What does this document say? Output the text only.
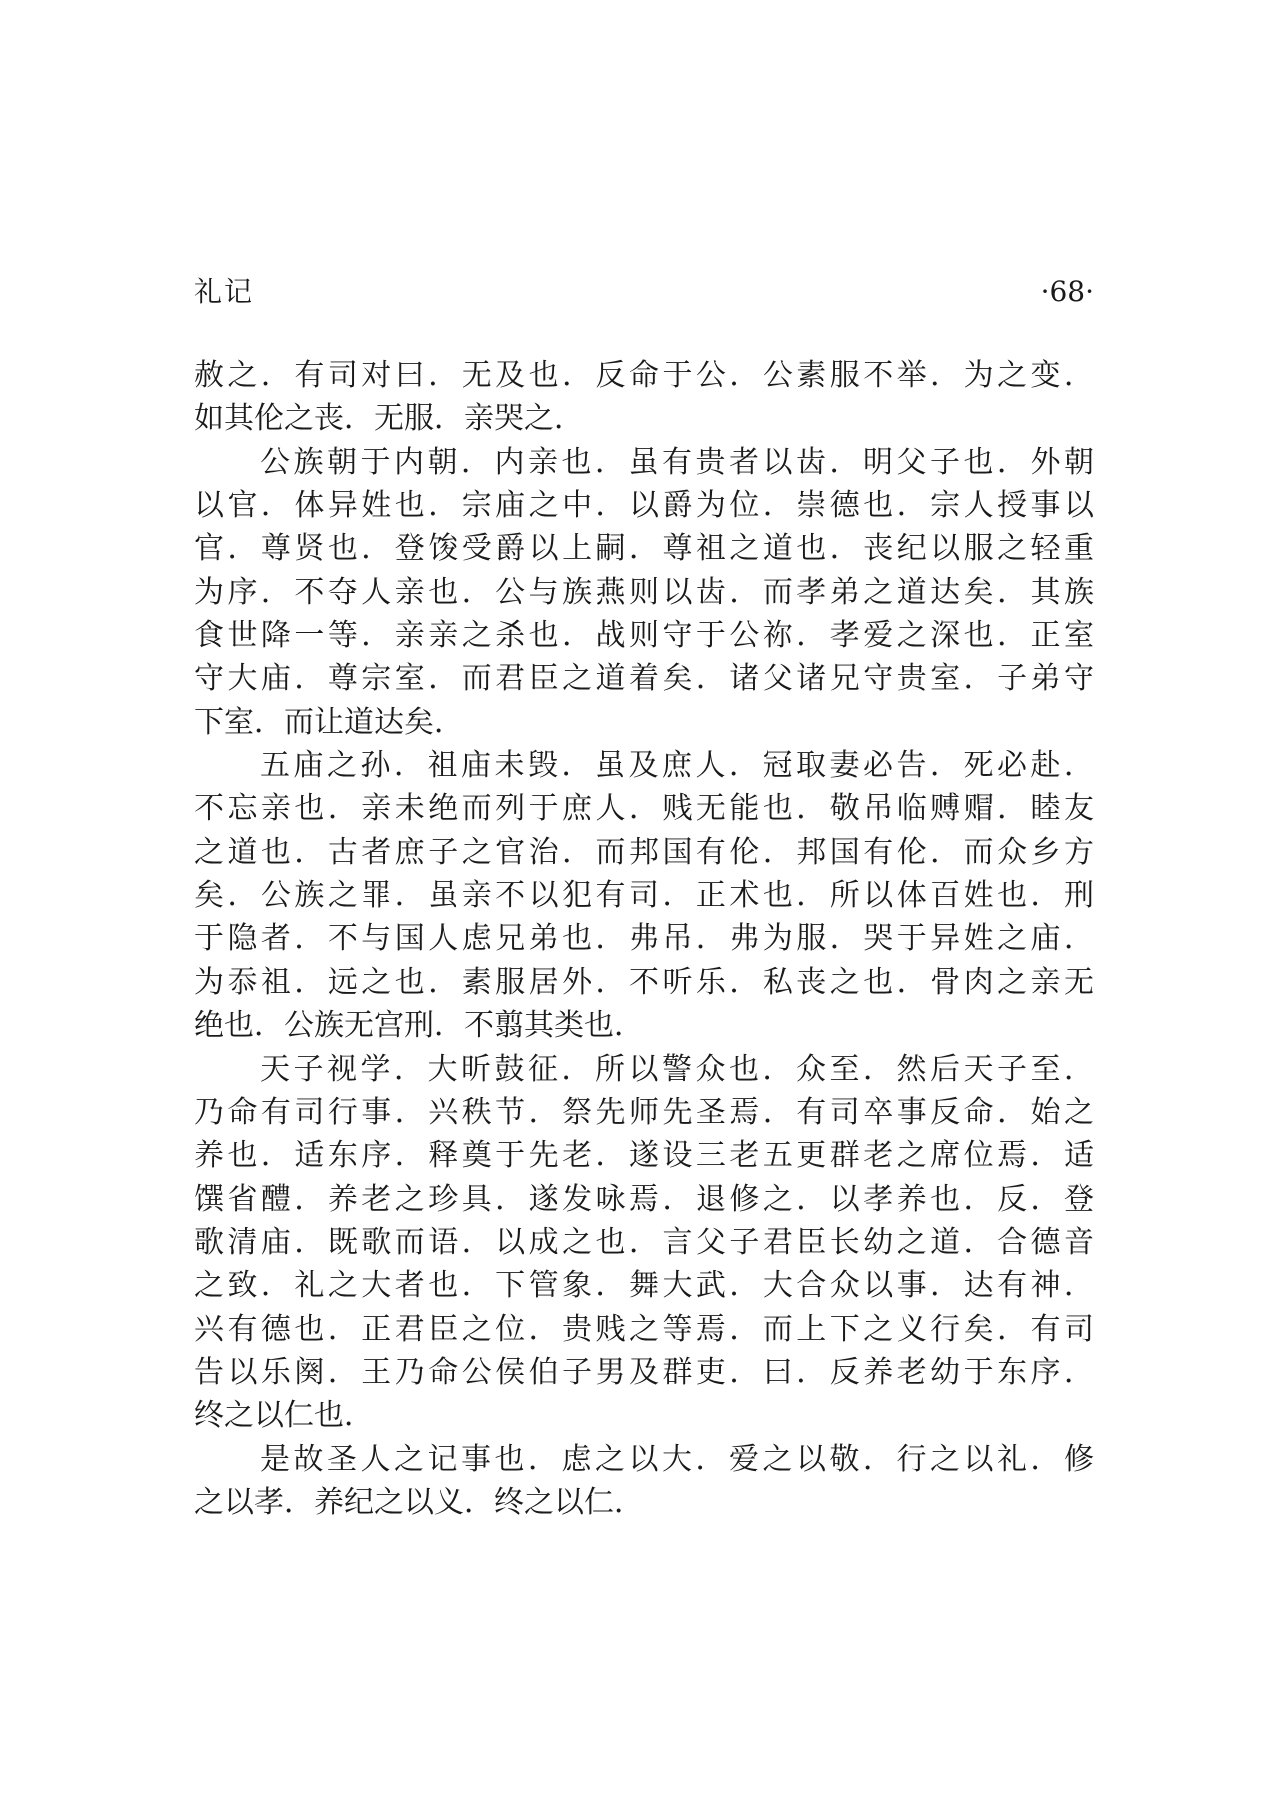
礼记	·68·
赦之．有司对曰．无及也．反命于公．公素服不举．为之变．
如其伦之丧．无服．亲哭之．
公族朝于内朝．内亲也．虽有贵者以齿．明父子也．外朝
以官．体异姓也．宗庙之中．以爵为位．崇德也．宗人授事以
官．尊贤也．登馂受爵以上嗣．尊祖之道也．丧纪以服之轻重
为序．不夺人亲也．公与族燕则以齿．而孝弟之道达矣．其族
食世降一等．亲亲之杀也．战则守于公祢．孝爱之深也．正室
守大庙．尊宗室．而君臣之道着矣．诸父诸兄守贵室．子弟守
下室．而让道达矣．
五庙之孙．祖庙未毁．虽及庶人．冠取妻必告．死必赴．
不忘亲也．亲未绝而列于庶人．贱无能也．敬吊临赙赗．睦友
之道也．古者庶子之官治．而邦国有伦．邦国有伦．而众乡方
矣．公族之罪．虽亲不以犯有司．正术也．所以体百姓也．刑
于隐者．不与国人虑兄弟也．弗吊．弗为服．哭于异姓之庙．
为忝祖．远之也．素服居外．不听乐．私丧之也．骨肉之亲无
绝也．公族无宫刑．不翦其类也．
天子视学．大昕鼓征．所以警众也．众至．然后天子至．
乃命有司行事．兴秩节．祭先师先圣焉．有司卒事反命．始之
养也．适东序．释奠于先老．遂设三老五更群老之席位焉．适
馔省醴．养老之珍具．遂发咏焉．退修之．以孝养也．反．登
歌清庙．既歌而语．以成之也．言父子君臣长幼之道．合德音
之致．礼之大者也．下管象．舞大武．大合众以事．达有神．
兴有德也．正君臣之位．贵贱之等焉．而上下之义行矣．有司
告以乐阕．王乃命公侯伯子男及群吏．曰．反养老幼于东序．
终之以仁也．
是故圣人之记事也．虑之以大．爱之以敬．行之以礼．修
之以孝．养纪之以义．终之以仁．
